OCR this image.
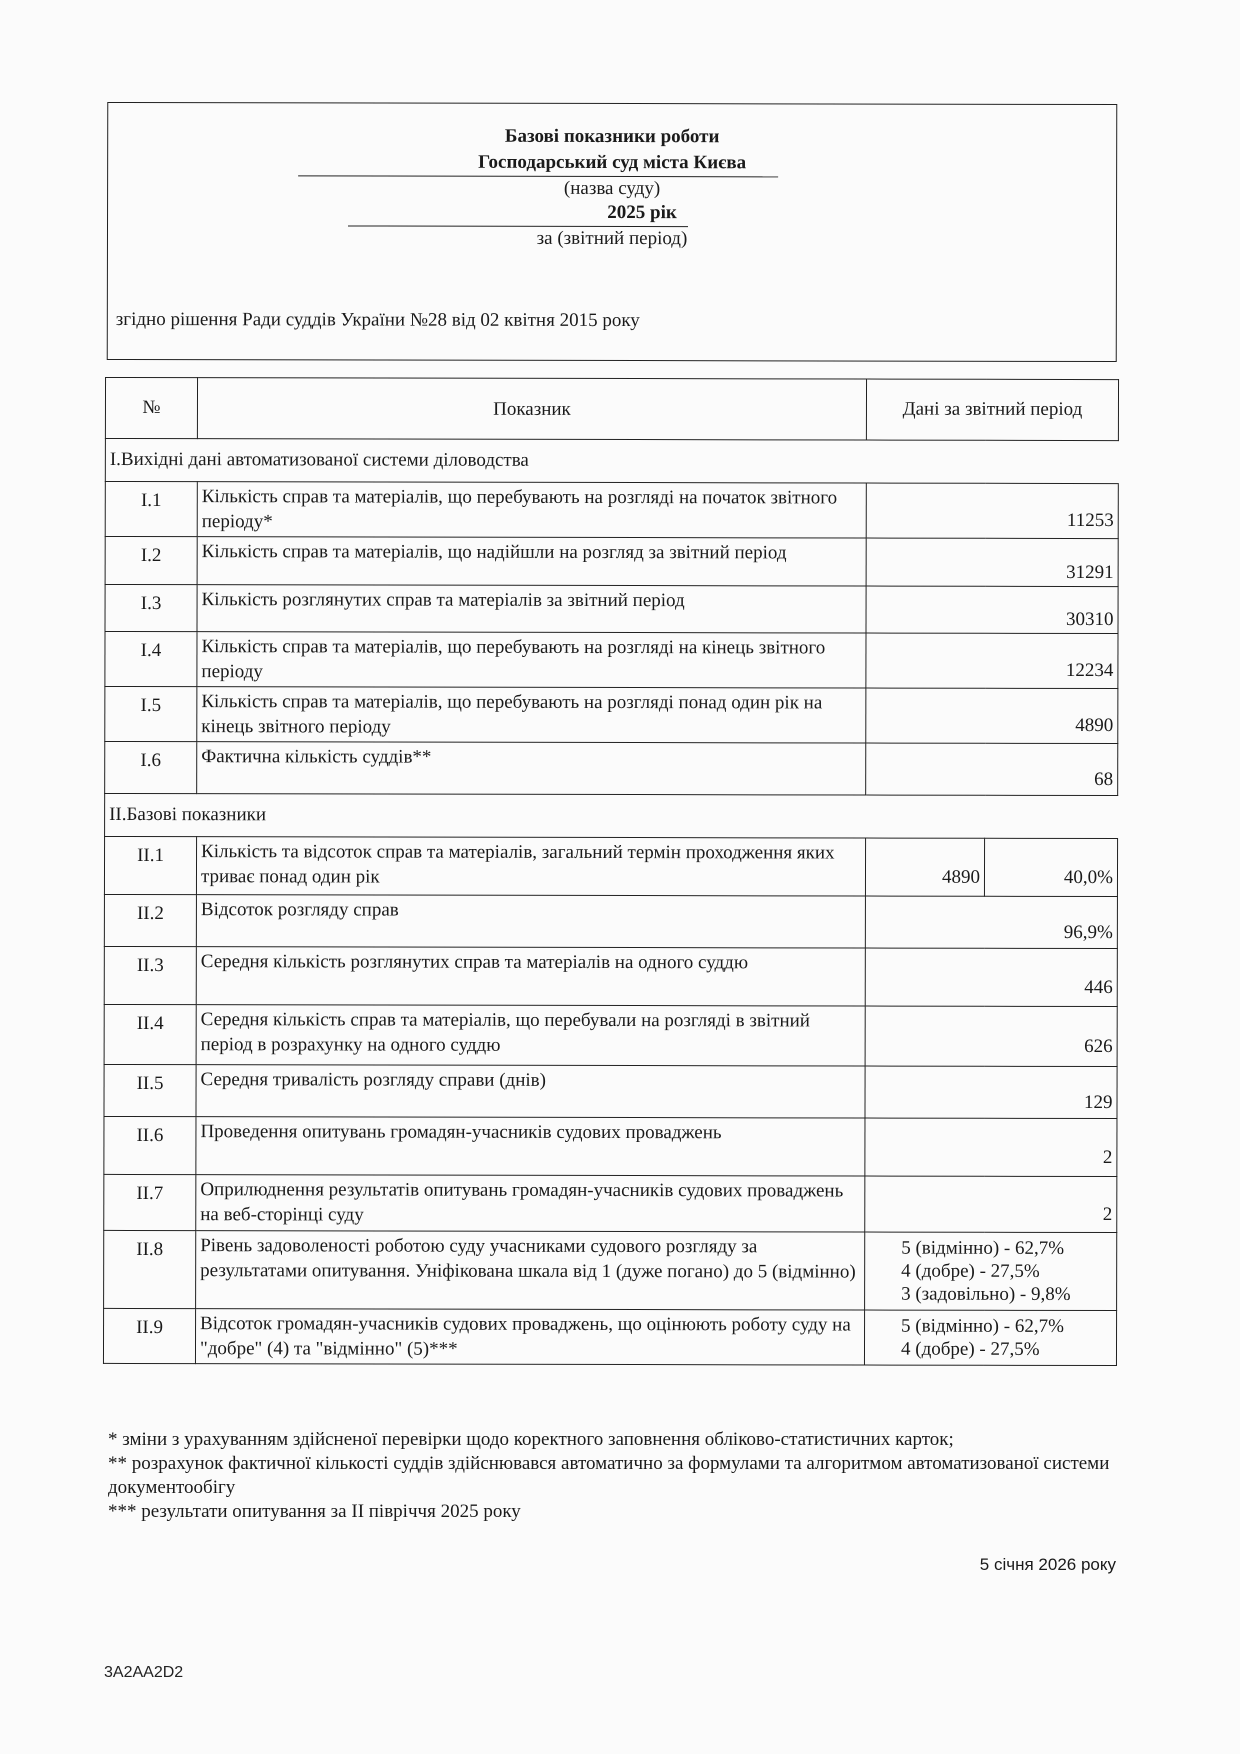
Базові показники роботи
Господарський суд міста Києва
(назва суду)
2025 рік
за (звітний період)
згідно рішення Ради суддів України №28 від 02 квітня 2015 року
№	Показник	Дані за звітний період	
I.Вихідні дані автоматизованої системи діловодства			
I.1	Кількість справ та матеріалів, що перебувають на розгляді на початок звітного періоду*	11253	
I.2	Кількість справ та матеріалів, що надійшли на розгляд за звітний період	31291	
I.3	Кількість розглянутих справ та матеріалів за звітний період	30310	
I.4	Кількість справ та матеріалів, що перебувають на розгляді на кінець звітного періоду	12234	
I.5	Кількість справ та матеріалів, що перебувають на розгляді понад один рік на кінець звітного періоду	4890	
I.6	Фактична кількість суддів**	68	
II.Базові показники			
II.1	Кількість та відсоток справ та матеріалів, загальний термін проходження яких триває понад один рік	4890	40,0%
II.2	Відсоток розгляду справ	96,9%	
II.3	Середня кількість розглянутих справ та матеріалів на одного суддю	446	
II.4	Середня кількість справ та матеріалів, що перебували на розгляді в звітний період в розрахунку на одного суддю	626	
II.5	Середня тривалість розгляду справи (днів)	129	
II.6	Проведення опитувань громадян-учасників судових проваджень	2	
II.7	Оприлюднення результатів опитувань громадян-учасників судових проваджень на веб-сторінці суду	2	
II.8	Рівень задоволеності роботою суду учасниками судового розгляду за результатами опитування. Уніфікована шкала від 1 (дуже погано) до 5 (відмінно)	5 (відмінно) - 62,7%
4 (добре) - 27,5%
3 (задовільно) - 9,8%	

II.9	Відсоток громадян-учасників судових проваджень, що оцінюють роботу суду на "добре" (4) та "відмінно" (5)***	5 (відмінно) - 62,7%
4 (добре) - 27,5%	
* зміни з урахуванням здійсненої перевірки щодо коректного заповнення обліково-статистичних карток;
** розрахунок фактичної кількості суддів здійснювався автоматично за формулами та алгоритмом автоматизованої системи документообігу
*** результати опитування за II півріччя 2025 року
5 січня 2026 року
3A2AA2D2
